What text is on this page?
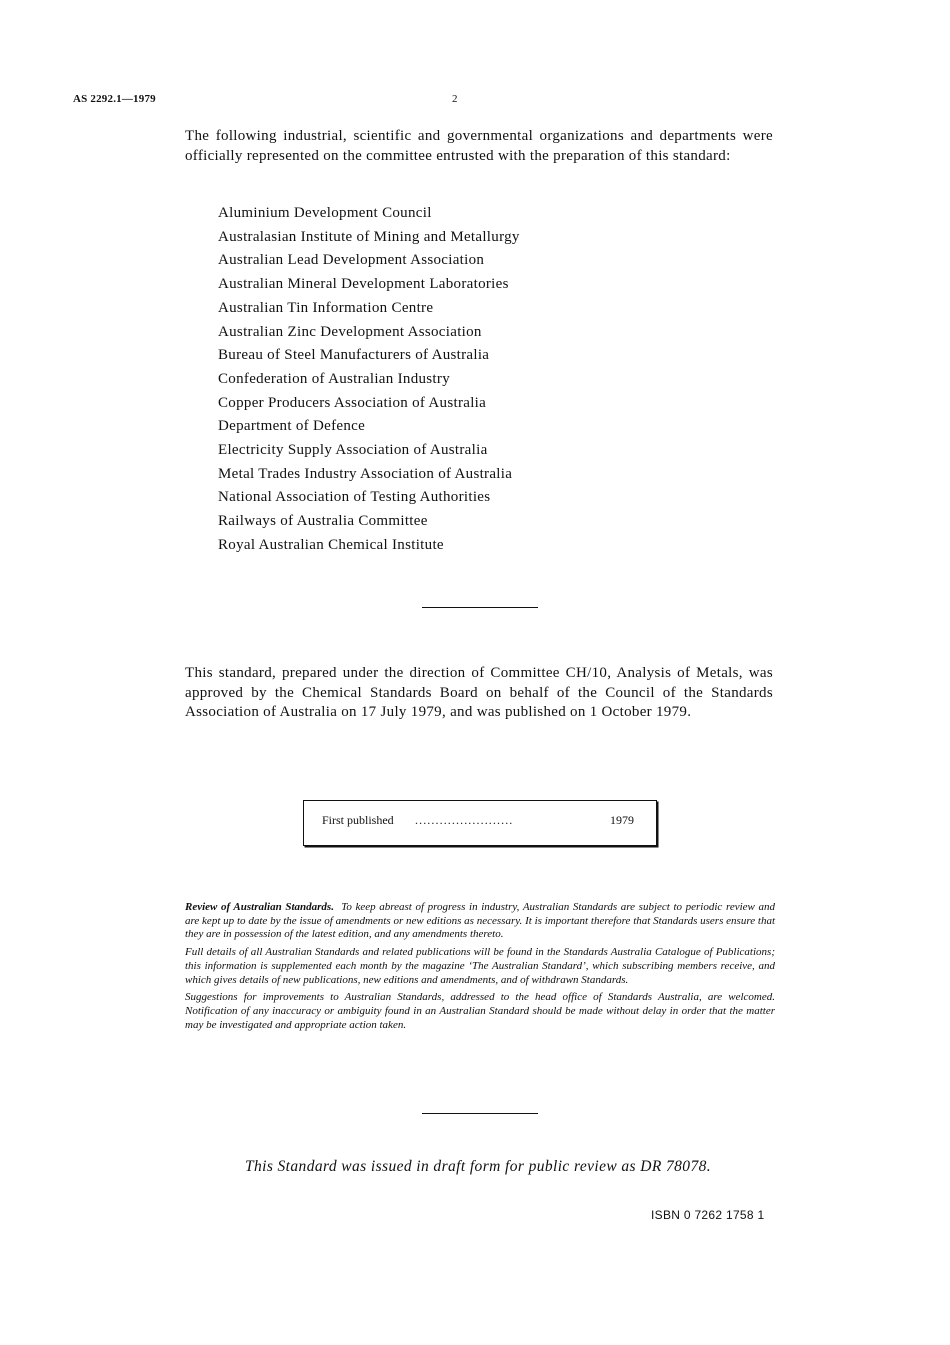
AS 2292.1—1979	2
The following industrial, scientific and governmental organizations and departments were officially represented on the committee entrusted with the preparation of this standard:
Aluminium Development Council
Australasian Institute of Mining and Metallurgy
Australian Lead Development Association
Australian Mineral Development Laboratories
Australian Tin Information Centre
Australian Zinc Development Association
Bureau of Steel Manufacturers of Australia
Confederation of Australian Industry
Copper Producers Association of Australia
Department of Defence
Electricity Supply Association of Australia
Metal Trades Industry Association of Australia
National Association of Testing Authorities
Railways of Australia Committee
Royal Australian Chemical Institute
This standard, prepared under the direction of Committee CH/10, Analysis of Metals, was approved by the Chemical Standards Board on behalf of the Council of the Standards Association of Australia on 17 July 1979, and was published on 1 October 1979.
First published ........................	1979

Review of Australian Standards. To keep abreast of progress in industry, Australian Standards are subject to periodic review and are kept up to date by the issue of amendments or new editions as necessary. It is important therefore that Standards users ensure that they are in possession of the latest edition, and any amendments thereto.

Full details of all Australian Standards and related publications will be found in the Standards Australia Catalogue of Publications; this information is supplemented each month by the magazine ‘The Australian Standard’, which subscribing members receive, and which gives details of new publications, new editions and amendments, and of withdrawn Standards.

Suggestions for improvements to Australian Standards, addressed to the head office of Standards Australia, are welcomed. Notification of any inaccuracy or ambiguity found in an Australian Standard should be made without delay in order that the matter may be investigated and appropriate action taken.

This Standard was issued in draft form for public review as DR 78078.
ISBN 0 7262 1758 1
